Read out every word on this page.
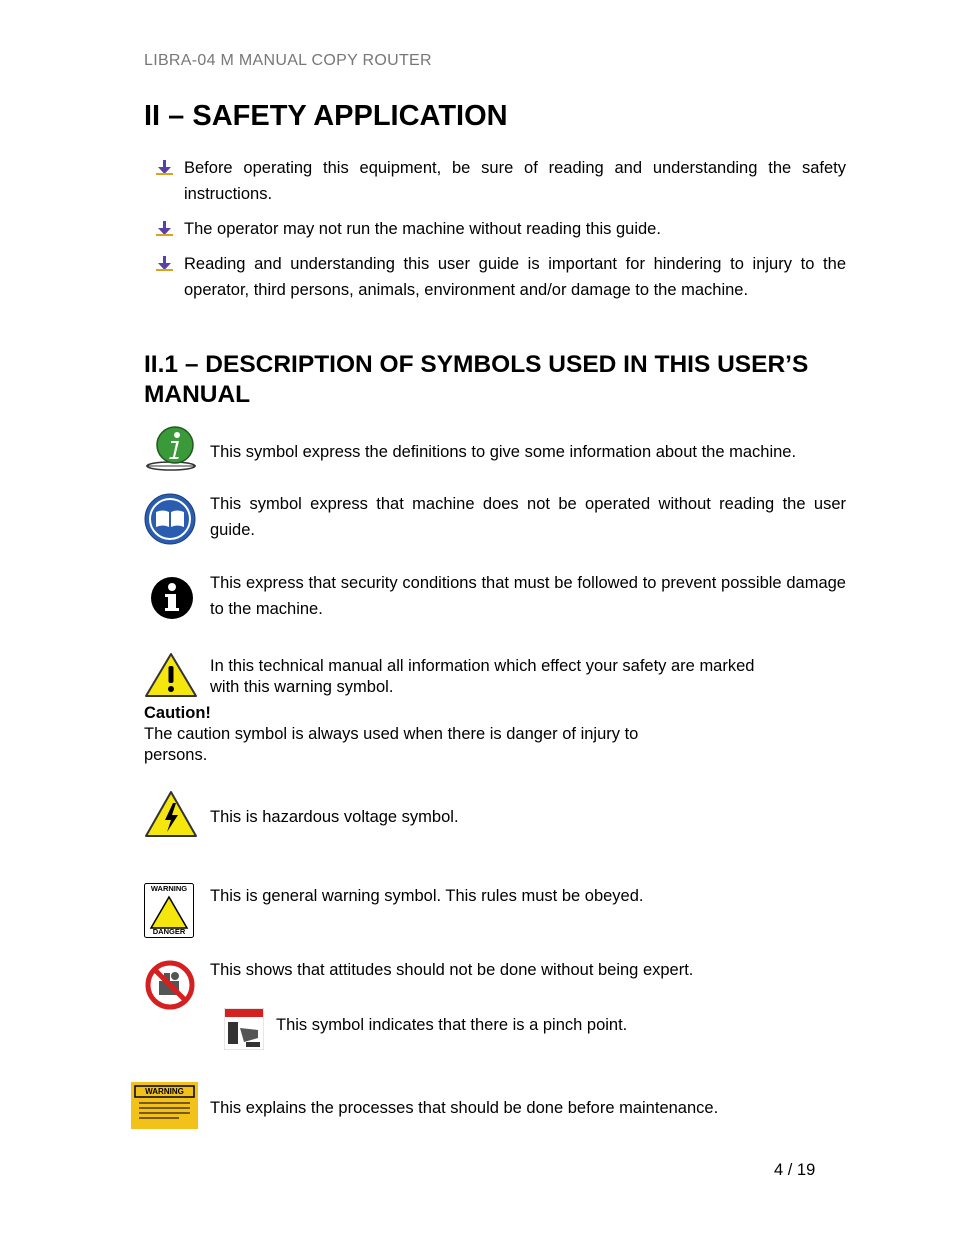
LIBRA-04 M MANUAL COPY ROUTER
II – SAFETY APPLICATION
Before operating this equipment, be sure of reading and understanding the safety instructions.
The operator may not run the machine without reading this guide.
Reading and understanding this user guide is important for hindering to injury to the operator, third persons, animals, environment and/or damage to the machine.
II.1 – DESCRIPTION OF SYMBOLS USED IN THIS USER’S MANUAL
This symbol express the definitions to give some information about the machine.
This symbol express that machine does not be operated without reading the user guide.
This express that security conditions that must be followed to prevent possible damage to the machine.
In this technical manual all information which effect your safety are marked
with this warning symbol.
Caution!
The caution symbol is always used when there is danger of injury to
persons.
This is hazardous voltage symbol.
WARNING
DANGER
This is general warning symbol. This rules must be obeyed.
This shows that attitudes should not be done without being expert.
This symbol indicates that there is a pinch point.
WARNING
This explains the processes that should be done before maintenance.
4 / 19
